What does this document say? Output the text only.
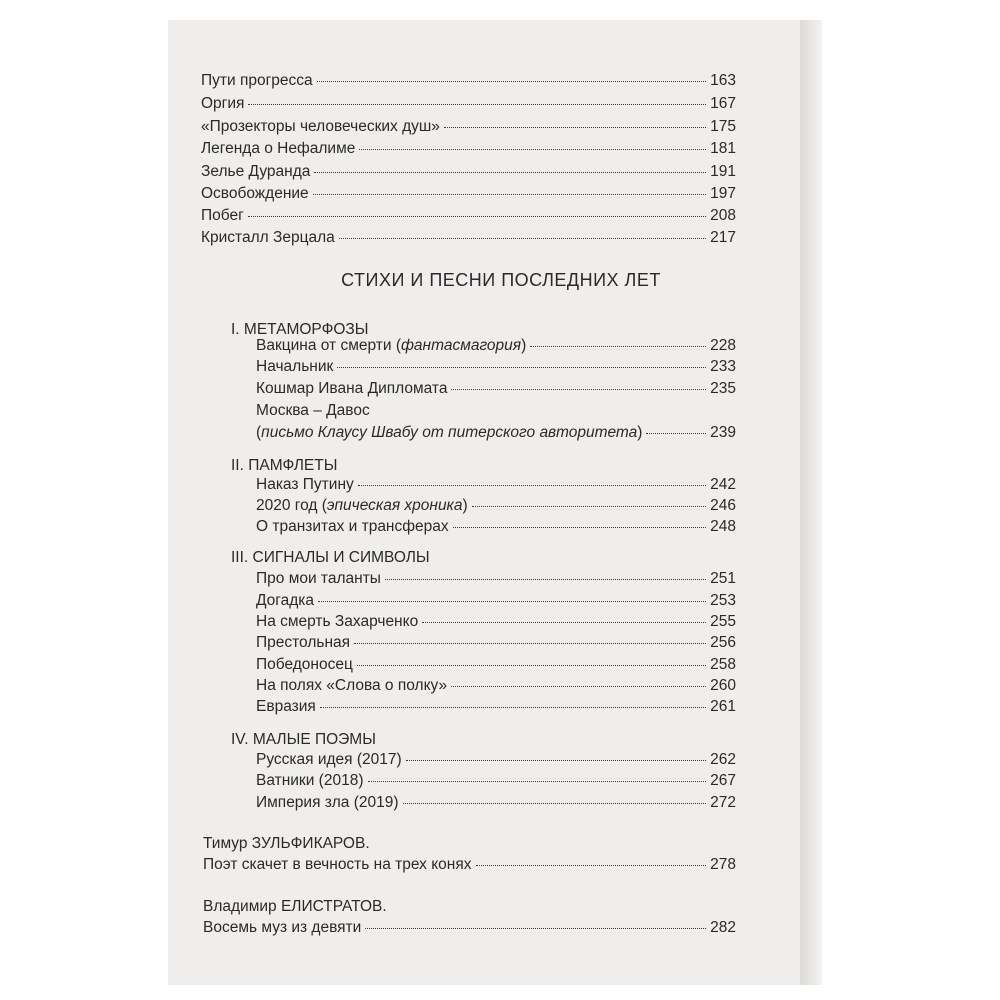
Пути прогресса	163
Оргия	167
«Прозекторы человеческих душ»	175
Легенда о Нефалиме	181
Зелье Дуранда	191
Освобождение	197
Побег	208
Кристалл Зерцала	217
СТИХИ И ПЕСНИ ПОСЛЕДНИХ ЛЕТ
I. МЕТАМОРФОЗЫ
Вакцина от смерти (фантасмагория)	228
Начальник	233
Кошмар Ивана Дипломата	235
Москва – Давос
(письмо Клаусу Швабу от питерского авторитета)	239
II. ПАМФЛЕТЫ
Наказ Путину	242
2020 год (эпическая хроника)	246
О транзитах и трансферах	248
III. СИГНАЛЫ И СИМВОЛЫ
Про мои таланты	251
Догадка	253
На смерть Захарченко	255
Престольная	256
Победоносец	258
На полях «Слова о полку»	260
Евразия	261
IV. МАЛЫЕ ПОЭМЫ
Русская идея (2017)	262
Ватники (2018)	267
Империя зла (2019)	272
Тимур ЗУЛЬФИКАРОВ.
Поэт скачет в вечность на трех конях	278
Владимир ЕЛИСТРАТОВ.
Восемь муз из девяти	282
